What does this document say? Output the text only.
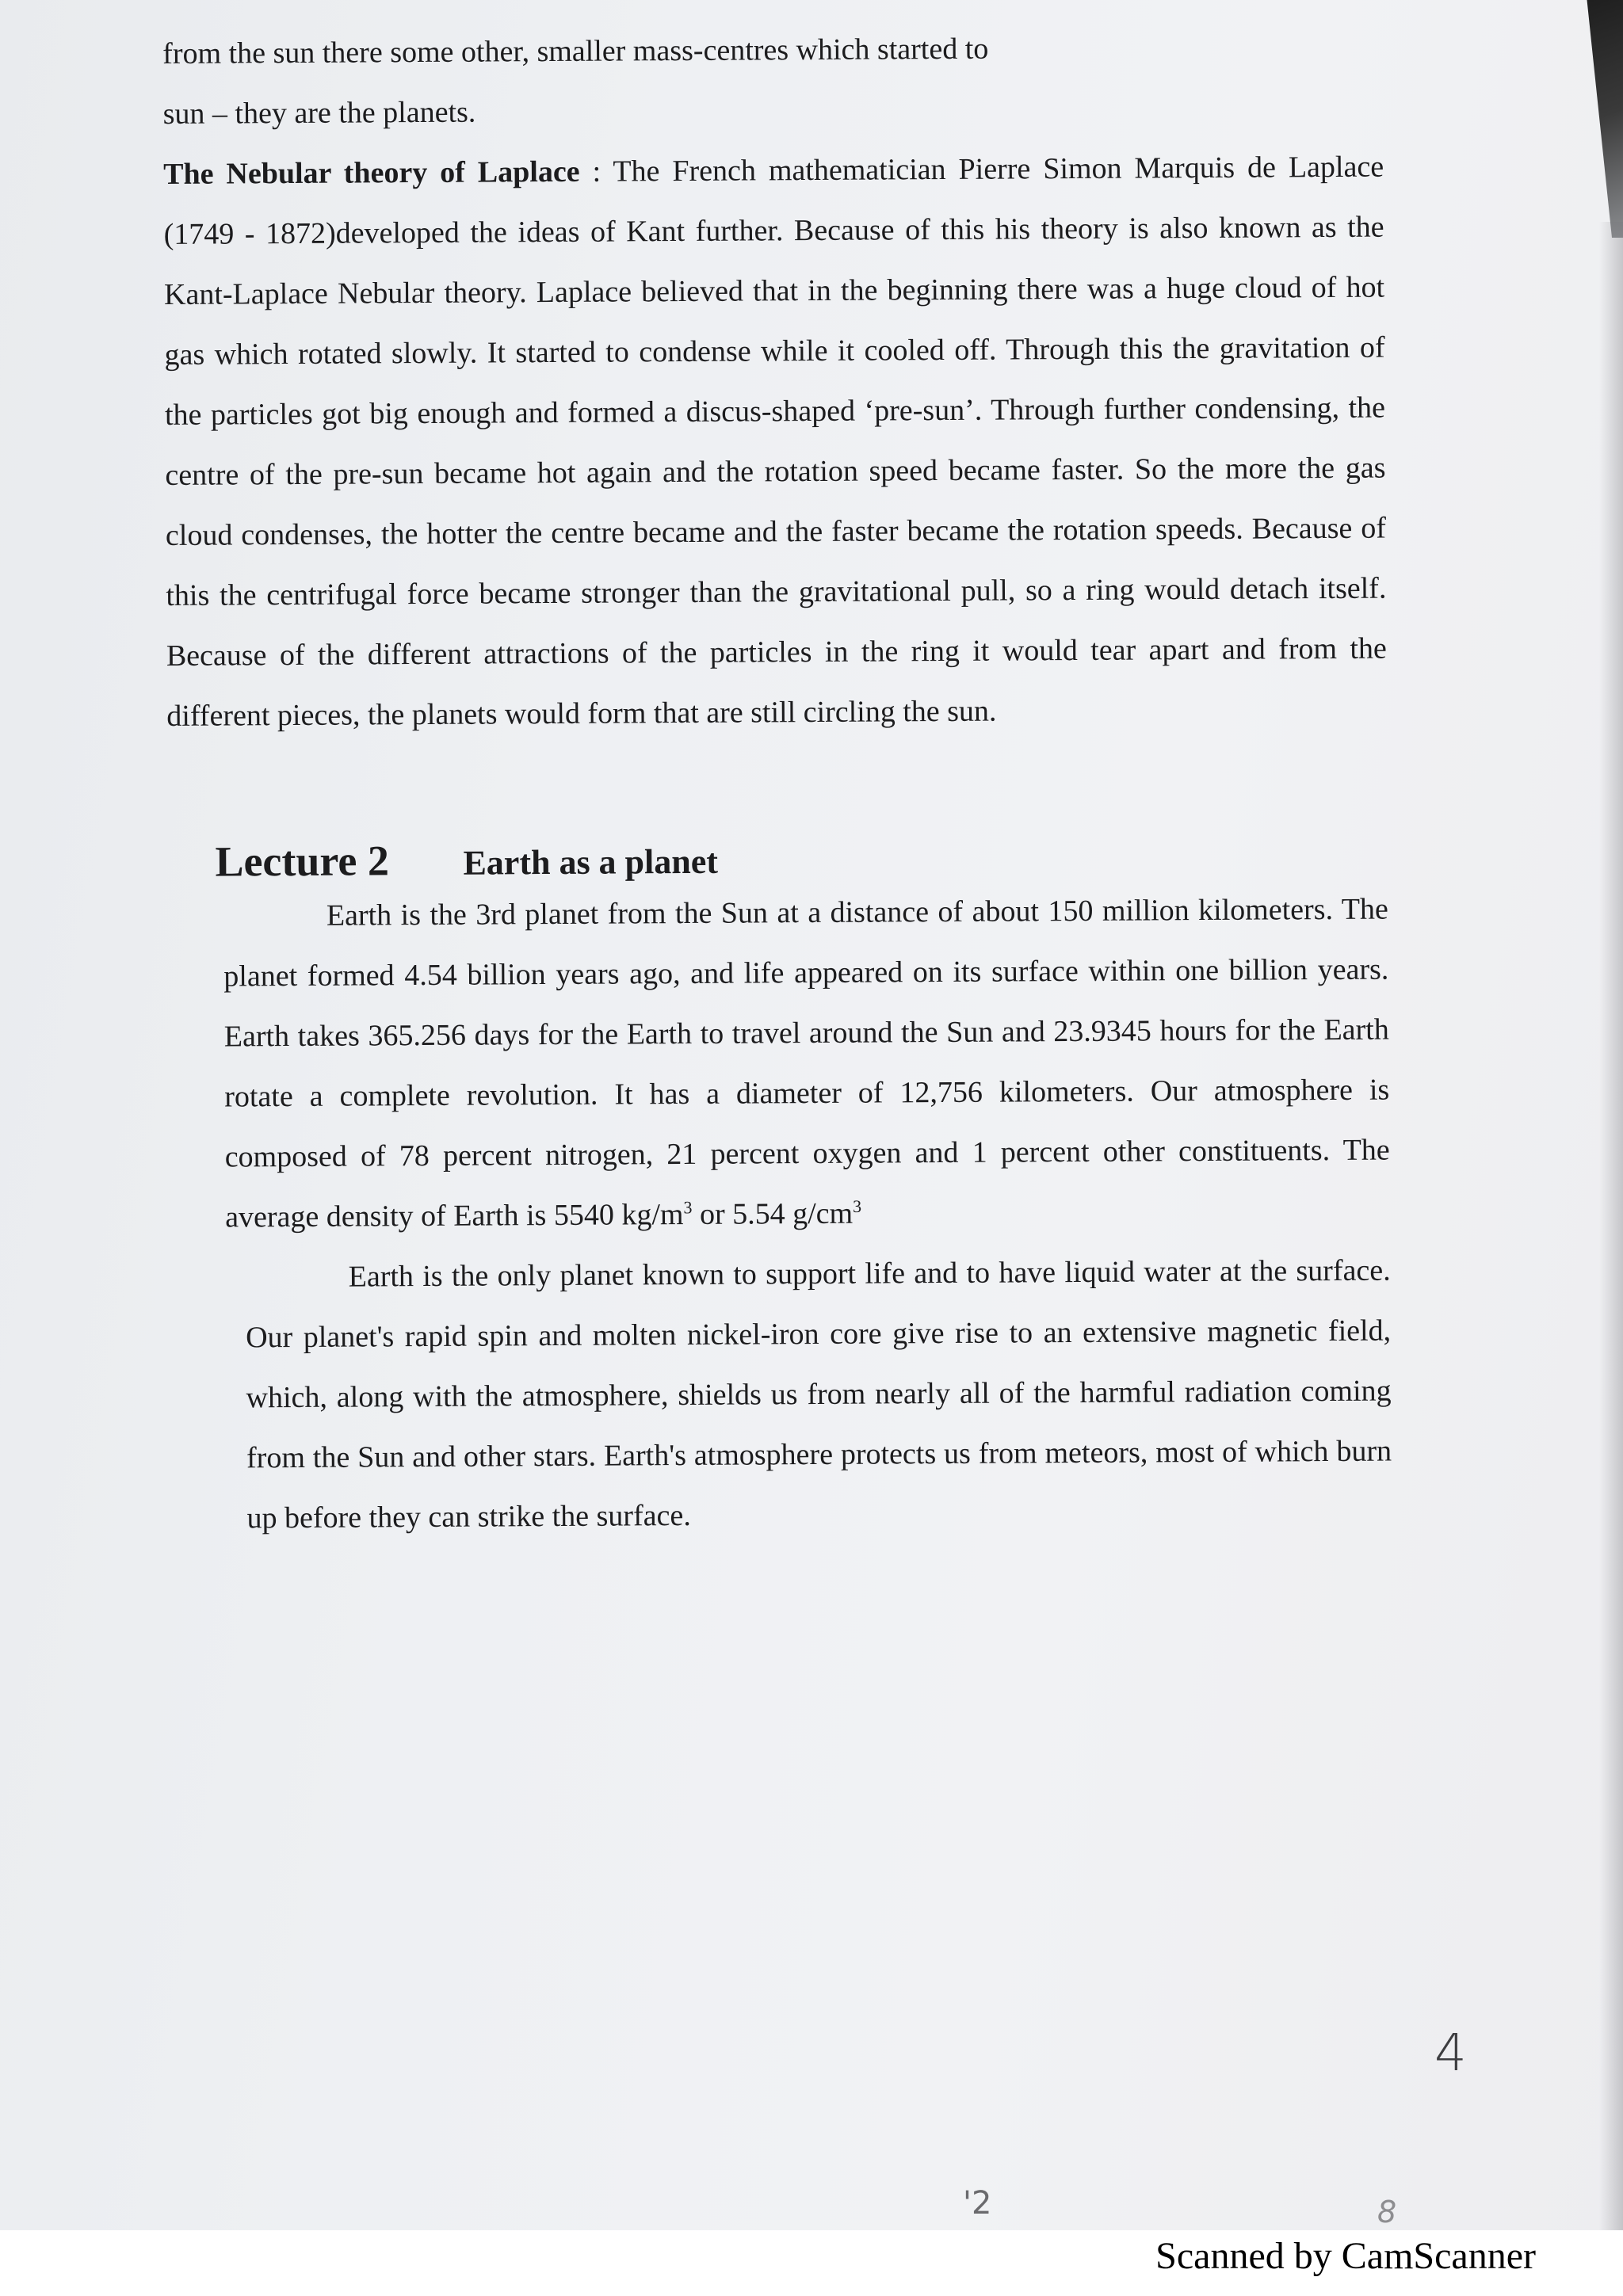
from the sun there some other, smaller mass-centres which started to
sun – they are the planets.

The Nebular theory of Laplace : The French mathematician Pierre Simon Marquis de Laplace (1749 - 1872)developed the ideas of Kant further. Because of this his theory is also known as the Kant-Laplace Nebular theory. Laplace believed that in the beginning there was a huge cloud of hot gas which rotated slowly. It started to condense while it cooled off. Through this the gravitation of the particles got big enough and formed a discus-shaped ‘pre-sun’. Through further condensing, the centre of the pre-sun became hot again and the rotation speed became faster. So the more the gas cloud condenses, the hotter the centre became and the faster became the rotation speeds. Because of this the centrifugal force became stronger than the gravitational pull, so a ring would detach itself. Because of the different attractions of the particles in the ring it would tear apart and from the different pieces, the planets would form that are still circling the sun.

Lecture 2	Earth as a planet

Earth is the 3rd planet from the Sun at a distance of about 150 million kilometers. The planet formed 4.54 billion years ago, and life appeared on its surface within one billion years. Earth takes 365.256 days for the Earth to travel around the Sun and 23.9345 hours for the Earth rotate a complete revolution. It has a diameter of 12,756 kilometers. Our atmosphere is composed of 78 percent nitrogen, 21 percent oxygen and 1 percent other constituents. The average density of Earth is 5540 $kg/m^3$ or 5.54 $g/cm^3$

Earth is the only planet known to support life and to have liquid water at the surface. Our planet's rapid spin and molten nickel-iron core give rise to an extensive magnetic field, which, along with the atmosphere, shields us from nearly all of the harmful radiation coming from the Sun and other stars. Earth's atmosphere protects us from meteors, most of which burn up before they can strike the surface.

4
'2	8
Scanned by CamScanner
